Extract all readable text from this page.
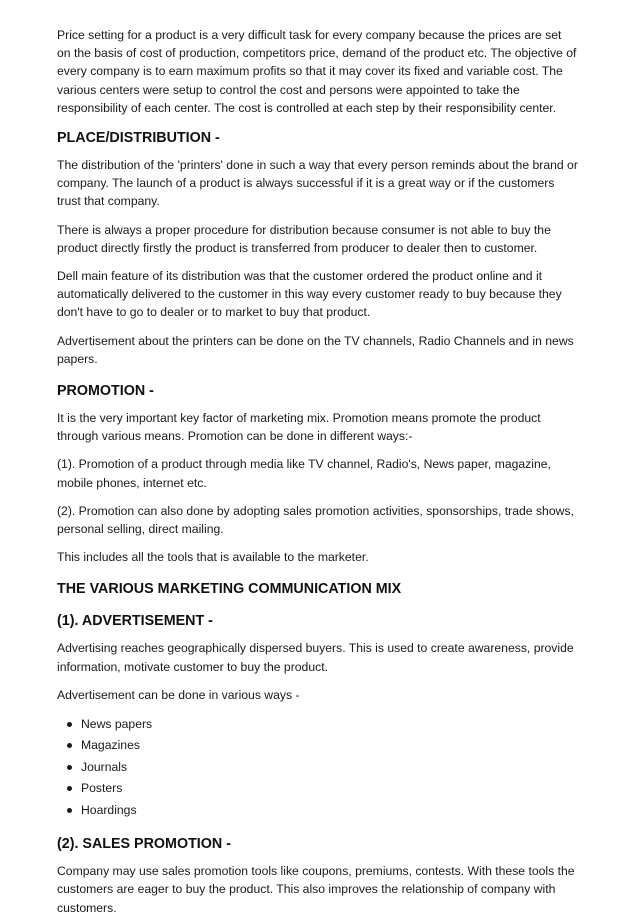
Price setting for a product is a very difficult task for every company because the prices are set on the basis of cost of production, competitors price, demand of the product etc. The objective of every company is to earn maximum profits so that it may cover its fixed and variable cost. The various centers were setup to control the cost and persons were appointed to take the responsibility of each center. The cost is controlled at each step by their responsibility center.

PLACE/DISTRIBUTION -

The distribution of the 'printers' done in such a way that every person reminds about the brand or company. The launch of a product is always successful if it is a great way or if the customers trust that company.

There is always a proper procedure for distribution because consumer is not able to buy the product directly firstly the product is transferred from producer to dealer then to customer.

Dell main feature of its distribution was that the customer ordered the product online and it automatically delivered to the customer in this way every customer ready to buy because they don't have to go to dealer or to market to buy that product.

Advertisement about the printers can be done on the TV channels, Radio Channels and in news papers.

PROMOTION -

It is the very important key factor of marketing mix. Promotion means promote the product through various means. Promotion can be done in different ways:-

(1). Promotion of a product through media like TV channel, Radio's, News paper, magazine, mobile phones, internet etc.

(2). Promotion can also done by adopting sales promotion activities, sponsorships, trade shows, personal selling, direct mailing.

This includes all the tools that is available to the marketer.

THE VARIOUS MARKETING COMMUNICATION MIX
(1). ADVERTISEMENT -

Advertising reaches geographically dispersed buyers. This is used to create awareness, provide information, motivate customer to buy the product.

Advertisement can be done in various ways -

News papers
Magazines
Journals
Posters
Hoardings
(2). SALES PROMOTION -

Company may use sales promotion tools like coupons, premiums, contests. With these tools the customers are eager to buy the product. This also improves the relationship of company with customers.
